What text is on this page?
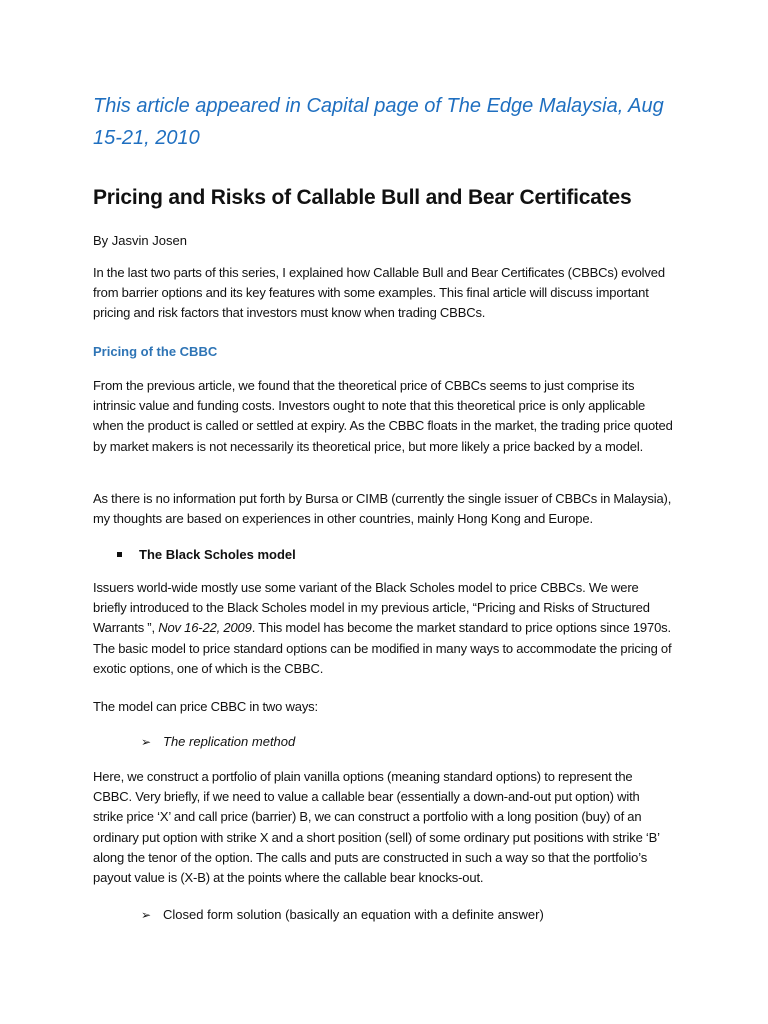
This article appeared in Capital page of The Edge Malaysia, Aug 15-21, 2010

Pricing and Risks of Callable Bull and Bear Certificates

By Jasvin Josen

In the last two parts of this series, I explained how Callable Bull and Bear Certificates (CBBCs) evolved from barrier options and its key features with some examples. This final article will discuss important pricing and risk factors that investors must know when trading CBBCs.

Pricing of the CBBC

From the previous article, we found that the theoretical price of CBBCs seems to just comprise its intrinsic value and funding costs. Investors ought to note that this theoretical price is only applicable when the product is called or settled at expiry. As the CBBC floats in the market, the trading price quoted by market makers is not necessarily its theoretical price, but more likely a price backed by a model.

As there is no information put forth by Bursa or CIMB (currently the single issuer of CBBCs in Malaysia), my thoughts are based on experiences in other countries, mainly Hong Kong and Europe.

The Black Scholes model

Issuers world-wide mostly use some variant of the Black Scholes model to price CBBCs. We were briefly introduced to the Black Scholes model in my previous article, “Pricing and Risks of Structured Warrants ”, Nov 16-22, 2009. This model has become the market standard to price options since 1970s. The basic model to price standard options can be modified in many ways to accommodate the pricing of exotic options, one of which is the CBBC.

The model can price CBBC in two ways:

➢ The replication method

Here, we construct a portfolio of plain vanilla options (meaning standard options) to represent the CBBC. Very briefly, if we need to value a callable bear (essentially a down-and-out put option) with strike price ‘X’ and call price (barrier) B, we can construct a portfolio with a long position (buy) of an ordinary put option with strike X and a short position (sell) of some ordinary put positions with strike ‘B’ along the tenor of the option. The calls and puts are constructed in such a way so that the portfolio’s payout value is (X-B) at the points where the callable bear knocks-out.

➢ Closed form solution (basically an equation with a definite answer)
